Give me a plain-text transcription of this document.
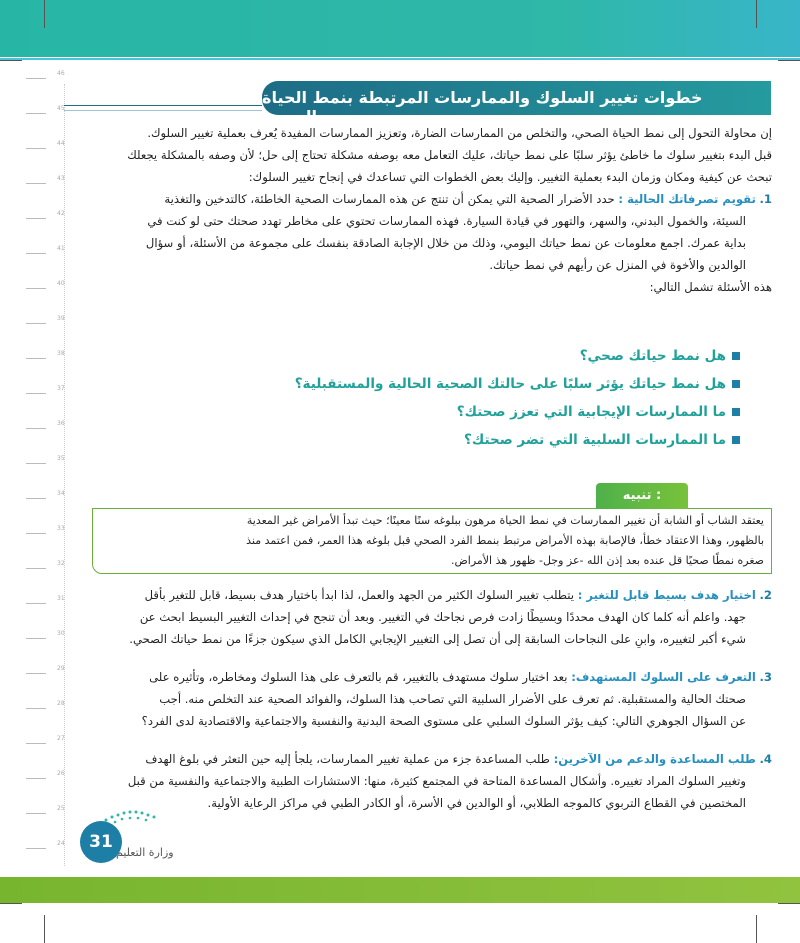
خطوات تغيير السلوك والممارسات المرتبطة بنمط الحياة الصحي
إن محاولة التحول إلى نمط الحياة الصحي، والتخلص من الممارسات الضارة، وتعزيز الممارسات المفيدة يُعرف بعملية تغيير السلوك.
قبل البدء بتغيير سلوك ما خاطئ يؤثر سلبًا على نمط حياتك، عليك التعامل معه بوصفه مشكلة تحتاج إلى حل؛ لأن وصفه بالمشكلة يجعلك
تبحث عن كيفية ومكان وزمان البدء بعملية التغيير. وإليك بعض الخطوات التي تساعدك في إنجاح تغيير السلوك:
1. تقويم تصرفاتك الحالية : حدد الأضرار الصحية التي يمكن أن تنتج عن هذه الممارسات الصحية الخاطئة، كالتدخين والتغذية
السيئة، والخمول البدني، والسهر، والتهور في قيادة السيارة. فهذه الممارسات تحتوي على مخاطر تهدد صحتك حتى لو كنت في
بداية عمرك. اجمع معلومات عن نمط حياتك اليومي، وذلك من خلال الإجابة الصادقة بنفسك على مجموعة من الأسئلة، أو سؤال
الوالدين والأخوة في المنزل عن رأيهم في نمط حياتك.
هذه الأسئلة تشمل التالي:
هل نمط حياتك صحي؟
هل نمط حياتك يؤثر سلبًا على حالتك الصحية الحالية والمستقبلية؟
ما الممارسات الإيجابية التي تعزز صحتك؟
ما الممارسات السلبية التي تضر صحتك؟
تنبيه :
يعتقد الشاب أو الشابة أن تغيير الممارسات في نمط الحياة مرهون ببلوغه سنًا معينًا؛ حيث تبدأ الأمراض غير المعدية
بالظهور، وهذا الاعتقاد خطأ، فالإصابة بهذه الأمراض مرتبط بنمط الفرد الصحي قبل بلوغه هذا العمر، فمن اعتمد منذ
صغره نمطًا صحيًا قل عنده بعد إذن الله -عز وجل- ظهور هذ الأمراض.
2. اختيار هدف بسيط قابل للتغير : يتطلب تغيير السلوك الكثير من الجهد والعمل، لذا ابدأ باختيار هدف بسيط، قابل للتغير بأقل
جهد. واعلم أنه كلما كان الهدف محددًا وبسيطًا زادت فرص نجاحك في التغيير. وبعد أن تنجح في إحداث التغيير البسيط ابحث عن
شيء أكبر لتغييره، وابنِ على النجاحات السابقة إلى أن تصل إلى التغيير الإيجابي الكامل الذي سيكون جزءًا من نمط حياتك الصحي.
3. التعرف على السلوك المستهدف: بعد اختيار سلوك مستهدف بالتغيير، قم بالتعرف على هذا السلوك ومخاطره، وتأثيره على
صحتك الحالية والمستقبلية. ثم تعرف على الأضرار السلبية التي تصاحب هذا السلوك، والفوائد الصحية عند التخلص منه. أجب
عن السؤال الجوهري التالي: كيف يؤثر السلوك السلبي على مستوى الصحة البدنية والنفسية والاجتماعية والاقتصادية لدى الفرد؟
4. طلب المساعدة والدعم من الآخرين: طلب المساعدة جزء من عملية تغيير الممارسات، يلجأ إليه حين التعثر في بلوغ الهدف
وتغيير السلوك المراد تغييره. وأشكال المساعدة المتاحة في المجتمع كثيرة، منها: الاستشارات الطبية والاجتماعية والنفسية من قبل
المختصين في القطاع التربوي كالموجه الطلابي، أو الوالدين في الأسرة، أو الكادر الطبي في مراكز الرعاية الأولية.
31
وزارة التعليم
46
45
44
43
42
41
40
39
38
37
36
35
34
33
32
31
30
29
28
27
26
25
24
